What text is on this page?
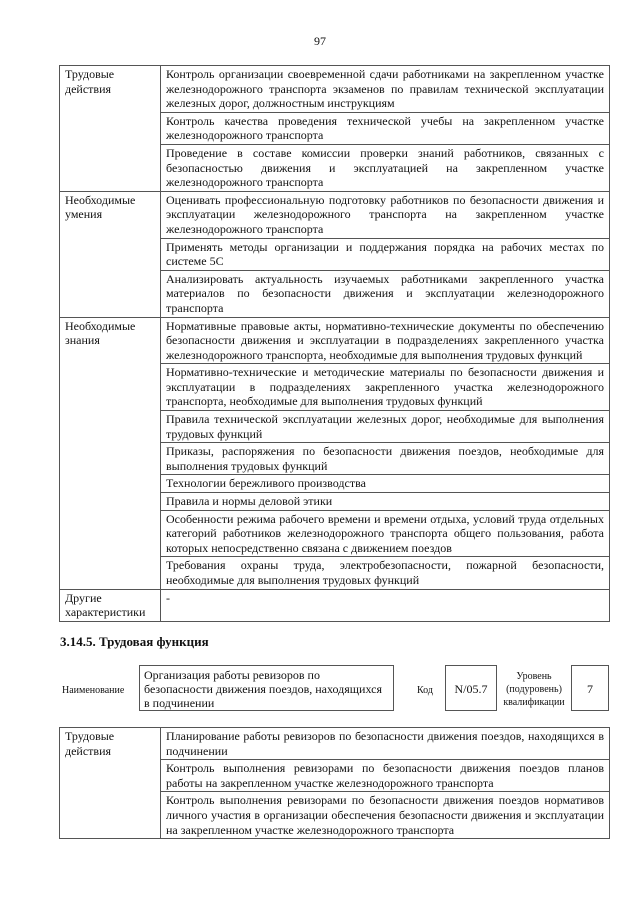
97
Трудовые действия	Контроль организации своевременной сдачи работниками на закрепленном участке железнодорожного транспорта экзаменов по правилам технической эксплуатации железных дорог, должностным инструкциям
	Контроль качества проведения технической учебы на закрепленном участке железнодорожного транспорта
	Проведение в составе комиссии проверки знаний работников, связанных с безопасностью движения и эксплуатацией на закрепленном участке железнодорожного транспорта
Необходимые умения	Оценивать профессиональную подготовку работников по безопасности движения и эксплуатации железнодорожного транспорта на закрепленном участке железнодорожного транспорта
	Применять методы организации и поддержания порядка на рабочих местах по системе 5С
	Анализировать актуальность изучаемых работниками закрепленного участка материалов по безопасности движения и эксплуатации железнодорожного транспорта
Необходимые знания	Нормативные правовые акты, нормативно-технические документы по обеспечению безопасности движения и эксплуатации в подразделениях закрепленного участка железнодорожного транспорта, необходимые для выполнения трудовых функций
	Нормативно-технические и методические материалы по безопасности движения и эксплуатации в подразделениях закрепленного участка железнодорожного транспорта, необходимые для выполнения трудовых функций
	Правила технической эксплуатации железных дорог, необходимые для выполнения трудовых функций
	Приказы, распоряжения по безопасности движения поездов, необходимые для выполнения трудовых функций
	Технологии бережливого производства
	Правила и нормы деловой этики
	Особенности режима рабочего времени и времени отдыха, условий труда отдельных категорий работников железнодорожного транспорта общего пользования, работа которых непосредственно связана с движением поездов
	Требования охраны труда, электробезопасности, пожарной безопасности, необходимые для выполнения трудовых функций
Другие характеристики	-
3.14.5. Трудовая функция
Наименование
Организация работы ревизоров по безопасности движения поездов, находящихся в подчинении
Код	N/05.7
Уровень (подуровень) квалификации
7
Трудовые действия	Планирование работы ревизоров по безопасности движения поездов, находящихся в подчинении
Контроль выполнения ревизорами по безопасности движения поездов планов работы на закрепленном участке железнодорожного транспорта
Контроль выполнения ревизорами по безопасности движения поездов нормативов личного участия в организации обеспечения безопасности движения и эксплуатации на закрепленном участке железнодорожного транспорта
